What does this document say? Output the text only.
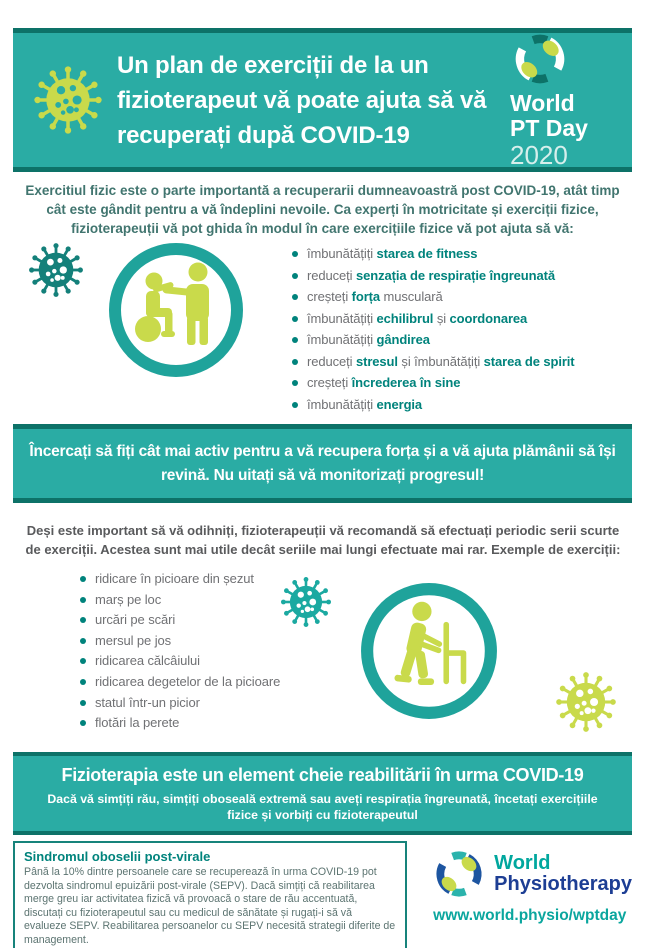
Un plan de exerciții de la un fizioterapeut vă poate ajuta să vă recuperați după COVID-19
World
PT Day
2020

Exercitiul fizic este o parte importantă a recuperarii dumneavoastră post COVID-19, atât timp cât este gândit pentru a vă îndeplini nevoile. Ca experți în motricitate și exerciții fizice, fizioterapeuții vă pot ghida în modul în care exercițiile fizice vă pot ajuta să vă:

îmbunătățiți starea de fitness
reduceți senzația de respirație îngreunată
creșteți forța musculară
îmbunătățiți echilibrul și coordonarea
îmbunătățiți gândirea
reduceți stresul și îmbunătățiți starea de spirit
creșteți încrederea în sine
îmbunătățiți energia

Încercați să fiți cât mai activ pentru a vă recupera forța și a vă ajuta plămânii să își revină. Nu uitați să vă monitorizați progresul!

Deși este important să vă odihniți, fizioterapeuții vă recomandă să efectuați periodic serii scurte de exerciții. Acestea sunt mai utile decât seriile mai lungi efectuate mai rar. Exemple de exerciții:

ridicare în picioare din șezut
marș pe loc
urcări pe scări
mersul pe jos
ridicarea călcâiului
ridicarea degetelor de la picioare
statul într-un picior
flotări la perete

Fizioterapia este un element cheie reabilitării în urma COVID-19

Dacă vă simțiți rău, simțiți oboseală extremă sau aveți respirația îngreunată, încetați exercițiile fizice și vorbiți cu fizioterapeutul

Sindromul oboselii post-virale

Până la 10% dintre persoanele care se recuperează în urma COVID-19 pot dezvolta sindromul epuizării post-virale (SEPV). Dacă simțiți că reabilitarea merge greu iar activitatea fizică vă provoacă o stare de rău accentuată, discutați cu fizioterapeutul sau cu medicul de sănătate și rugați-i să vă evalueze SEPV. Reabilitarea persoanelor cu SEPV necesită strategii diferite de management.

World
Physiotherapy
www.world.physio/wptday
